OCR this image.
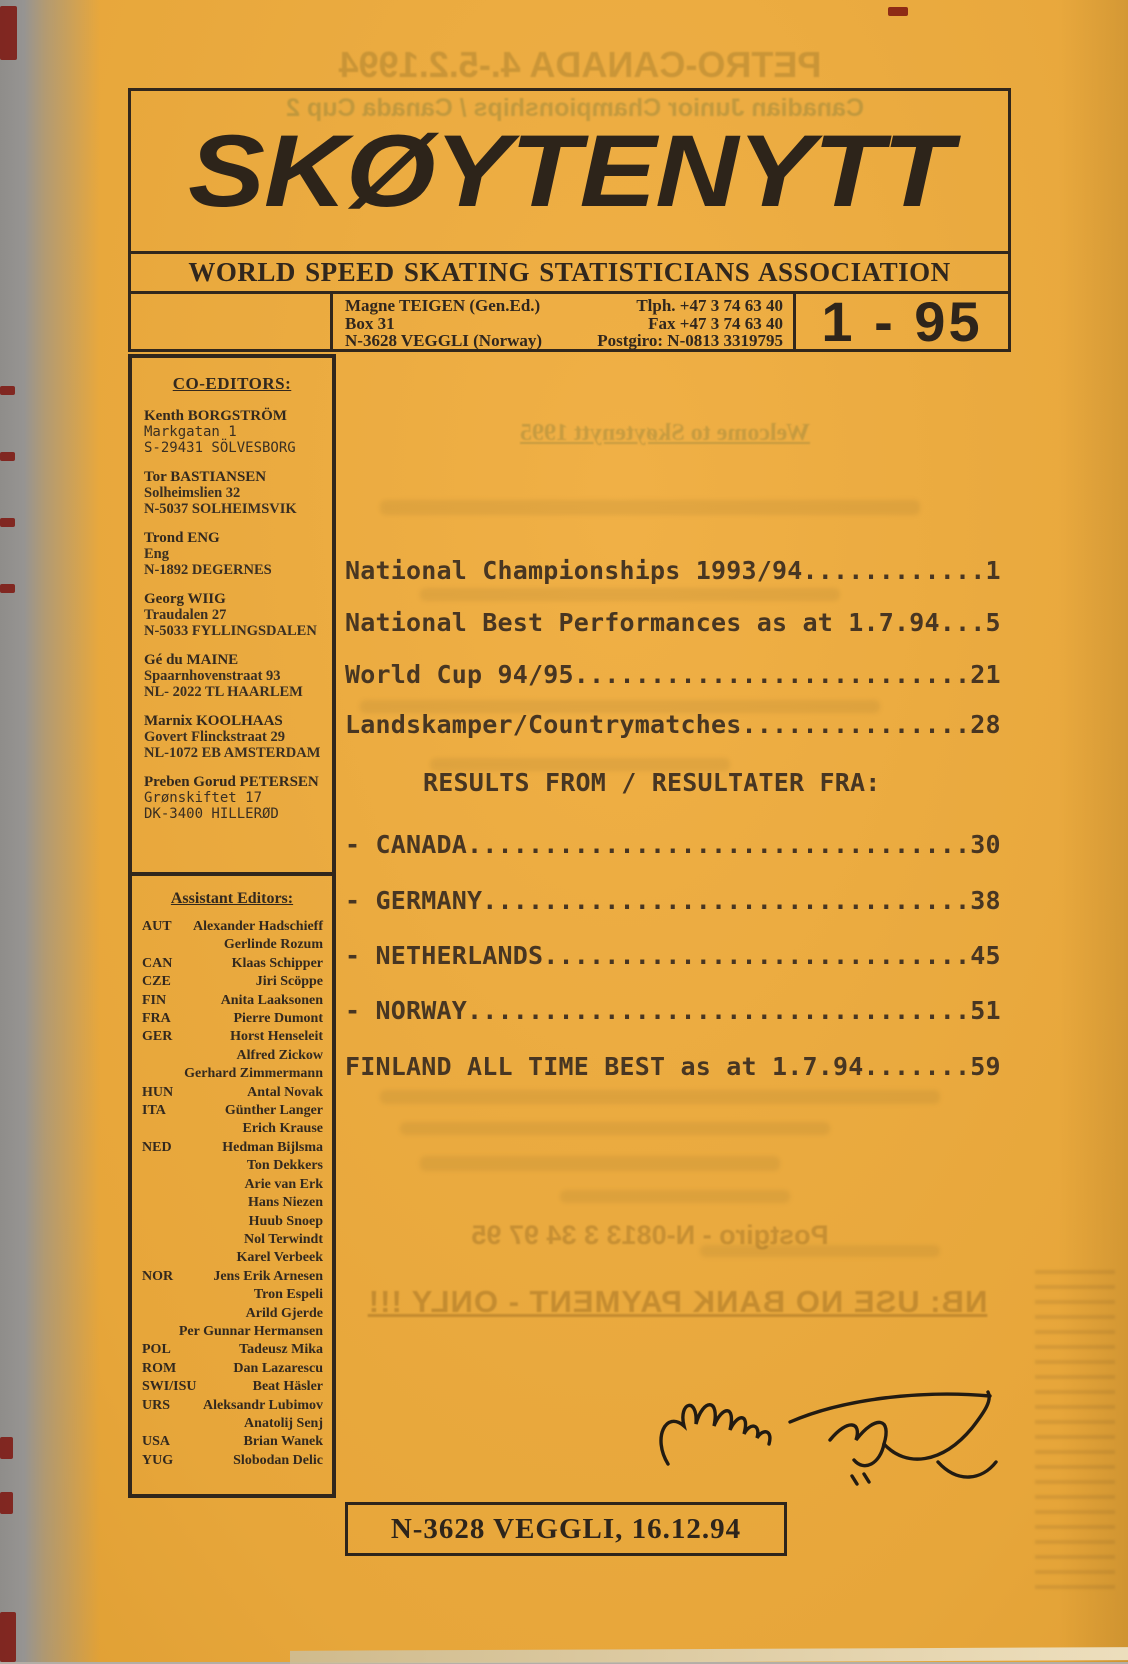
PETRO-CANADA 4.-5.2.1994
Canadian Junior Championships / Canada Cup 2
Welcome to Skøytenytt 1995
Postgiro - N-0813 3 34 97 95
NB: USE NO BANK PAYMENT - ONLY !!!
SKØYTENYTT
WORLD SPEED SKATING STATISTICIANS ASSOCIATION
Magne TEIGEN (Gen.Ed.)	Tlph. +47 3 74 63 40
Box 31	Fax +47 3 74 63 40
N-3628 VEGGLI (Norway)	Postgiro: N-0813 3319795 1 - 95
CO-EDITORS:
Kenth BORGSTRÖM
Markgatan 1
S-29431 SÖLVESBORG
Tor BASTIANSEN
Solheimslien 32
N-5037 SOLHEIMSVIK
Trond ENG
Eng
N-1892 DEGERNES
Georg WIIG
Traudalen 27
N-5033 FYLLINGSDALEN
Gé du MAINE
Spaarnhovenstraat 93
NL- 2022 TL HAARLEM
Marnix KOOLHAAS
Govert Flinckstraat 29
NL-1072 EB AMSTERDAM
Preben Gorud PETERSEN
Grønskiftet 17
DK-3400 HILLERØD
Assistant Editors:
AUT	Alexander Hadschieff
Gerlinde Rozum
CAN	Klaas Schipper
CZE	Jiri Scöppe
FIN	Anita Laaksonen
FRA	Pierre Dumont
GER	Horst Henseleit
Alfred Zickow
Gerhard Zimmermann
HUN	Antal Novak
ITA	Günther Langer
Erich Krause
NED	Hedman Bijlsma
Ton Dekkers
Arie van Erk
Hans Niezen
Huub Snoep
Nol Terwindt
Karel Verbeek
NOR	Jens Erik Arnesen
Tron Espeli
Arild Gjerde
Per Gunnar Hermansen
POL	Tadeusz Mika
ROM	Dan Lazarescu
SWI/ISU	Beat Häsler
URS	Aleksandr Lubimov
Anatolij Senj
USA	Brian Wanek
YUG	Slobodan Delic
National Championships 1993/94............1
National Best Performances as at 1.7.94...5
World Cup 94/95..........................21
Landskamper/Countrymatches...............28
RESULTS FROM / RESULTATER FRA:
- CANADA.................................30
- GERMANY................................38
- NETHERLANDS............................45
- NORWAY.................................51
FINLAND ALL TIME BEST as at 1.7.94.......59
N-3628 VEGGLI, 16.12.94
